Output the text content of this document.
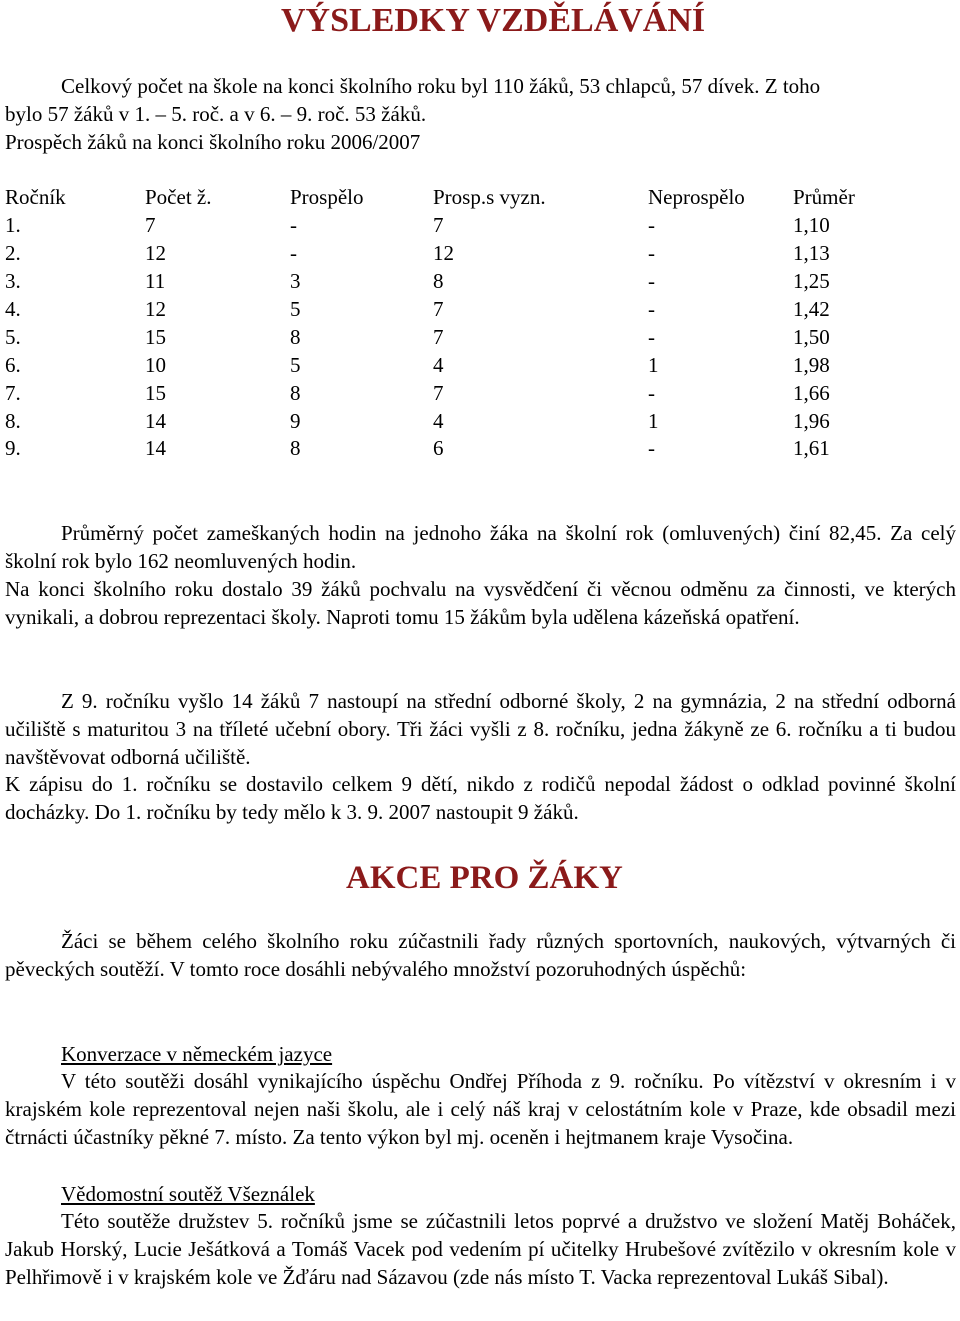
VÝSLEDKY VZDĚLÁVÁNÍ
Celkový počet na škole na konci školního roku byl 110 žáků, 53 chlapců, 57 dívek. Z toho
bylo 57 žáků v 1. – 5. roč. a v 6. – 9. roč. 53 žáků.
Prospěch žáků na konci školního roku 2006/2007
Ročník	Počet ž.	Prospělo	Prosp.s vyzn.	Neprospělo	Průměr
1.	7	-	7	-	1,10
2.	12	-	12	-	1,13
3.	11	3	8	-	1,25
4.	12	5	7	-	1,42
5.	15	8	7	-	1,50
6.	10	5	4	1	1,98
7.	15	8	7	-	1,66
8.	14	9	4	1	1,96
9.	14	8	6	-	1,61
Průměrný počet zameškaných hodin na jednoho žáka na školní rok (omluvených) činí 82,45. Za celý školní rok bylo 162 neomluvených hodin.
Na konci školního roku dostalo 39 žáků pochvalu na vysvědčení či věcnou odměnu za činnosti, ve kterých vynikali, a dobrou reprezentaci školy. Naproti tomu 15 žákům byla udělena kázeňská opatření.
Z 9. ročníku vyšlo 14 žáků 7 nastoupí na střední odborné školy, 2 na gymnázia, 2 na střední odborná učiliště s maturitou 3 na tříleté učební obory. Tři žáci vyšli z 8. ročníku, jedna žákyně ze 6. ročníku a ti budou navštěvovat odborná učiliště.
K zápisu do 1. ročníku se dostavilo celkem 9 dětí, nikdo z rodičů nepodal žádost o odklad povinné školní docházky. Do 1. ročníku by tedy mělo k 3. 9. 2007 nastoupit 9 žáků.
AKCE PRO ŽÁKY
Žáci se během celého školního roku zúčastnili řady různých sportovních, naukových, výtvarných či pěveckých soutěží. V tomto roce dosáhli nebývalého množství pozoruhodných úspěchů:
Konverzace v německém jazyce
V této soutěži dosáhl vynikajícího úspěchu Ondřej Příhoda z 9. ročníku. Po vítězství v okresním i v krajském kole reprezentoval nejen naši školu, ale i celý náš kraj v celostátním kole v Praze, kde obsadil mezi čtrnácti účastníky pěkné 7. místo. Za tento výkon byl mj. oceněn i hejtmanem kraje Vysočina.
Vědomostní soutěž Všeználek
Této soutěže družstev 5. ročníků jsme se zúčastnili letos poprvé a družstvo ve složení Matěj Boháček, Jakub Horský, Lucie Ješátková a Tomáš Vacek pod vedením pí učitelky Hrubešové zvítězilo v okresním kole v Pelhřimově i v krajském kole ve Žďáru nad Sázavou (zde nás místo T. Vacka reprezentoval Lukáš Sibal).
